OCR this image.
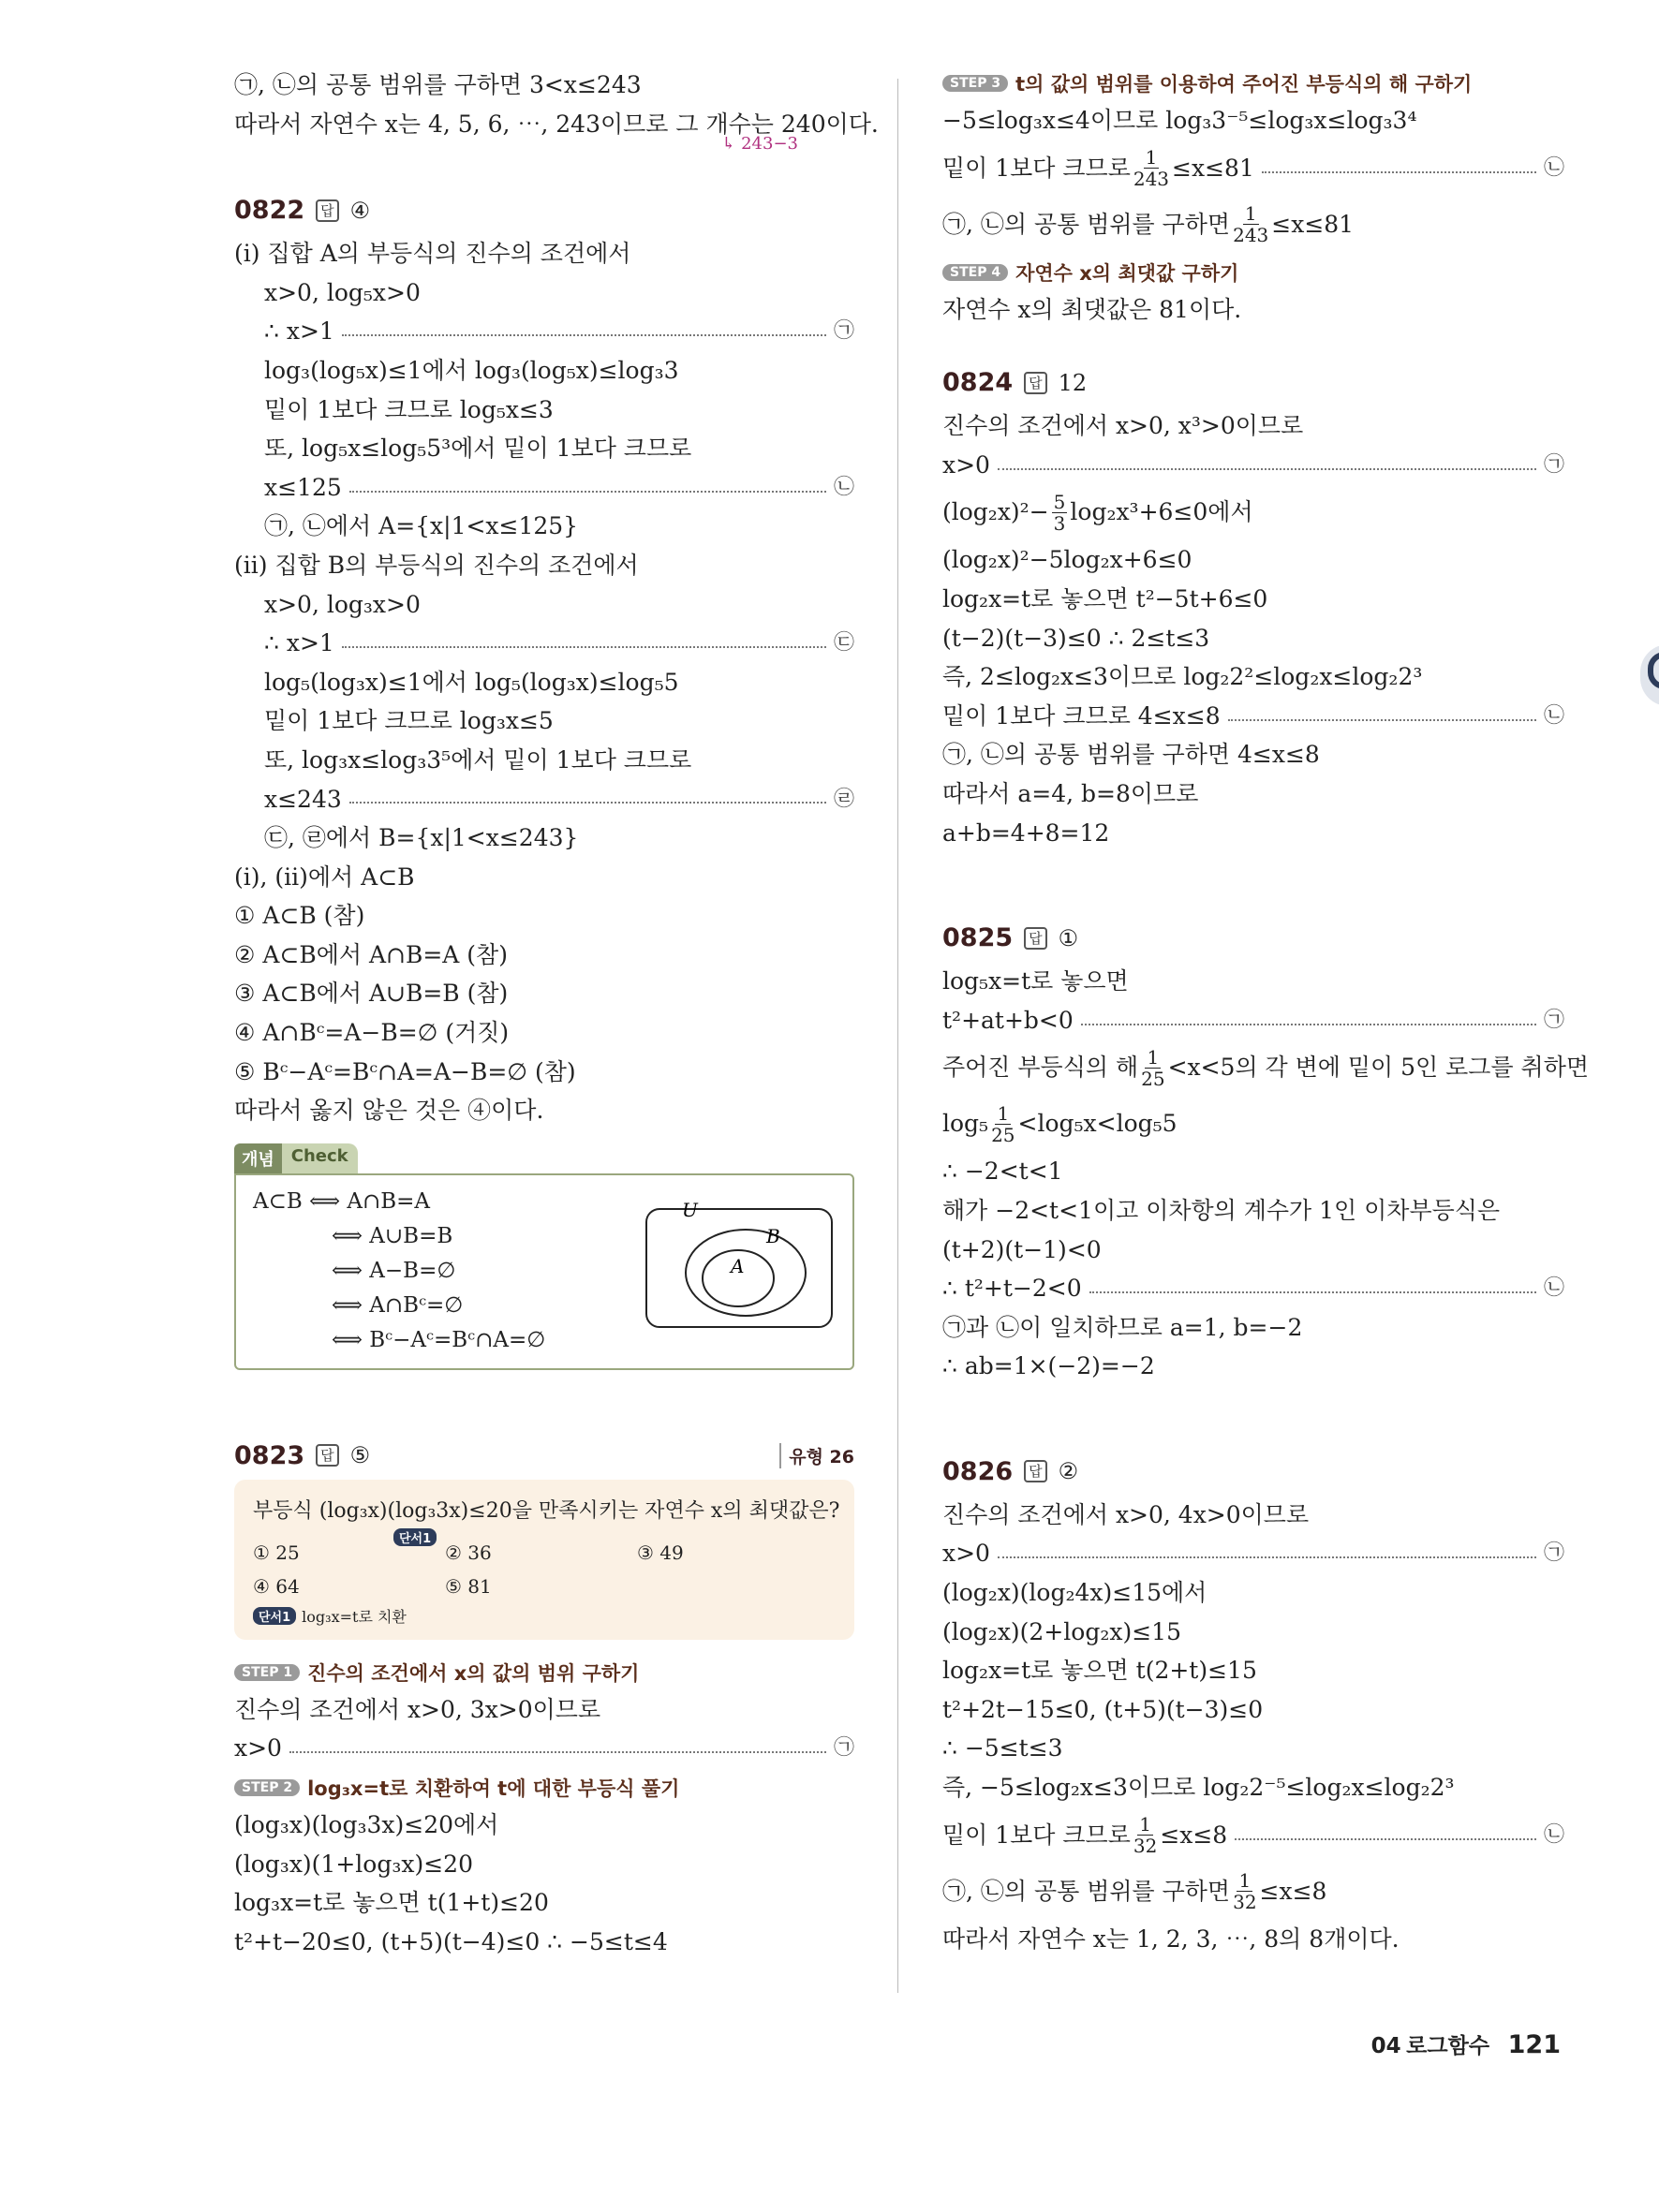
㉠, ㉡의 공통 범위를 구하면 3<x≤243
따라서 자연수 x는 4, 5, 6, ⋯, 243이므로 그 개수는 240이다.
↳ 243−3
0822	답 ④
(ⅰ) 집합 A의 부등식의 진수의 조건에서
x>0, log₅x>0
∴ x>1	㉠
log₃(log₅x)≤1에서 log₃(log₅x)≤log₃3
밑이 1보다 크므로 log₅x≤3
또, log₅x≤log₅5³에서 밑이 1보다 크므로
x≤125	㉡
㉠, ㉡에서 A={x|1<x≤125}
(ⅱ) 집합 B의 부등식의 진수의 조건에서
x>0, log₃x>0
∴ x>1	㉢
log₅(log₃x)≤1에서 log₅(log₃x)≤log₅5
밑이 1보다 크므로 log₃x≤5
또, log₃x≤log₃3⁵에서 밑이 1보다 크므로
x≤243	㉣
㉢, ㉣에서 B={x|1<x≤243}
(ⅰ), (ⅱ)에서 A⊂B
① A⊂B (참)
② A⊂B에서 A∩B=A (참)
③ A⊂B에서 A∪B=B (참)
④ A∩Bᶜ=A−B=∅ (거짓)
⑤ Bᶜ−Aᶜ=Bᶜ∩A=A−B=∅ (참)
따라서 옳지 않은 것은 ④이다.
개념	Check
A⊂B ⟺ A∩B=A
⟺ A∪B=B
⟺ A−B=∅
⟺ A∩Bᶜ=∅
⟺ Bᶜ−Aᶜ=Bᶜ∩A=∅
U
B
A
0823	답 ⑤	유형 26
부등식 (log₃x)(log₃3x)≤20을 만족시키는 자연수 x의 최댓값은?
단서1
① 25	② 36	③ 49
④ 64	⑤ 81
단서1 log₃x=t로 치환
STEP 1 진수의 조건에서 x의 값의 범위 구하기
진수의 조건에서 x>0, 3x>0이므로
x>0	㉠
STEP 2 log₃x=t로 치환하여 t에 대한 부등식 풀기
(log₃x)(log₃3x)≤20에서
(log₃x)(1+log₃x)≤20
log₃x=t로 놓으면 t(1+t)≤20
t²+t−20≤0, (t+5)(t−4)≤0 ∴ −5≤t≤4
STEP 3 t의 값의 범위를 이용하여 주어진 부등식의 해 구하기
−5≤log₃x≤4이므로 log₃3⁻⁵≤log₃x≤log₃3⁴
밑이 1보다 크므로 $\frac{1}{243} \le x\le 81$	㉡
㉠, ㉡의 공통 범위를 구하면 $\frac{1}{243} \le x\le 81$
STEP 4 자연수 x의 최댓값 구하기
자연수 x의 최댓값은 81이다.
0824	답 12
진수의 조건에서 x>0, x³>0이므로
x>0	㉠
$(\log_2x)^2- \frac{5}{3} \log_2x^3+6\le 0$에서
(log₂x)²−5log₂x+6≤0
log₂x=t로 놓으면 t²−5t+6≤0
(t−2)(t−3)≤0 ∴ 2≤t≤3
즉, 2≤log₂x≤3이므로 log₂2²≤log₂x≤log₂2³
밑이 1보다 크므로 4≤x≤8	㉡
㉠, ㉡의 공통 범위를 구하면 4≤x≤8
따라서 a=4, b=8이므로
a+b=4+8=12
0825	답 ①
log₅x=t로 놓으면
t²+at+b<0	㉠
주어진 부등식의 해 $\frac{1}{25} <x<5$의 각 변에 밑이 5인 로그를 취하면
$\log_5 \frac{1}{25} <\log_5x<\log_55$
∴ −2<t<1
해가 −2<t<1이고 이차항의 계수가 1인 이차부등식은
(t+2)(t−1)<0
∴ t²+t−2<0	㉡
㉠과 ㉡이 일치하므로 a=1, b=−2
∴ ab=1×(−2)=−2
0826	답 ②
진수의 조건에서 x>0, 4x>0이므로
x>0	㉠
(log₂x)(log₂4x)≤15에서
(log₂x)(2+log₂x)≤15
log₂x=t로 놓으면 t(2+t)≤15
t²+2t−15≤0, (t+5)(t−3)≤0
∴ −5≤t≤3
즉, −5≤log₂x≤3이므로 log₂2⁻⁵≤log₂x≤log₂2³
밑이 1보다 크므로 $\frac{1}{32} \le x\le 8$	㉡
㉠, ㉡의 공통 범위를 구하면 $\frac{1}{32} \le x\le 8$
따라서 자연수 x는 1, 2, 3, ⋯, 8의 8개이다.
04 로그함수 121
